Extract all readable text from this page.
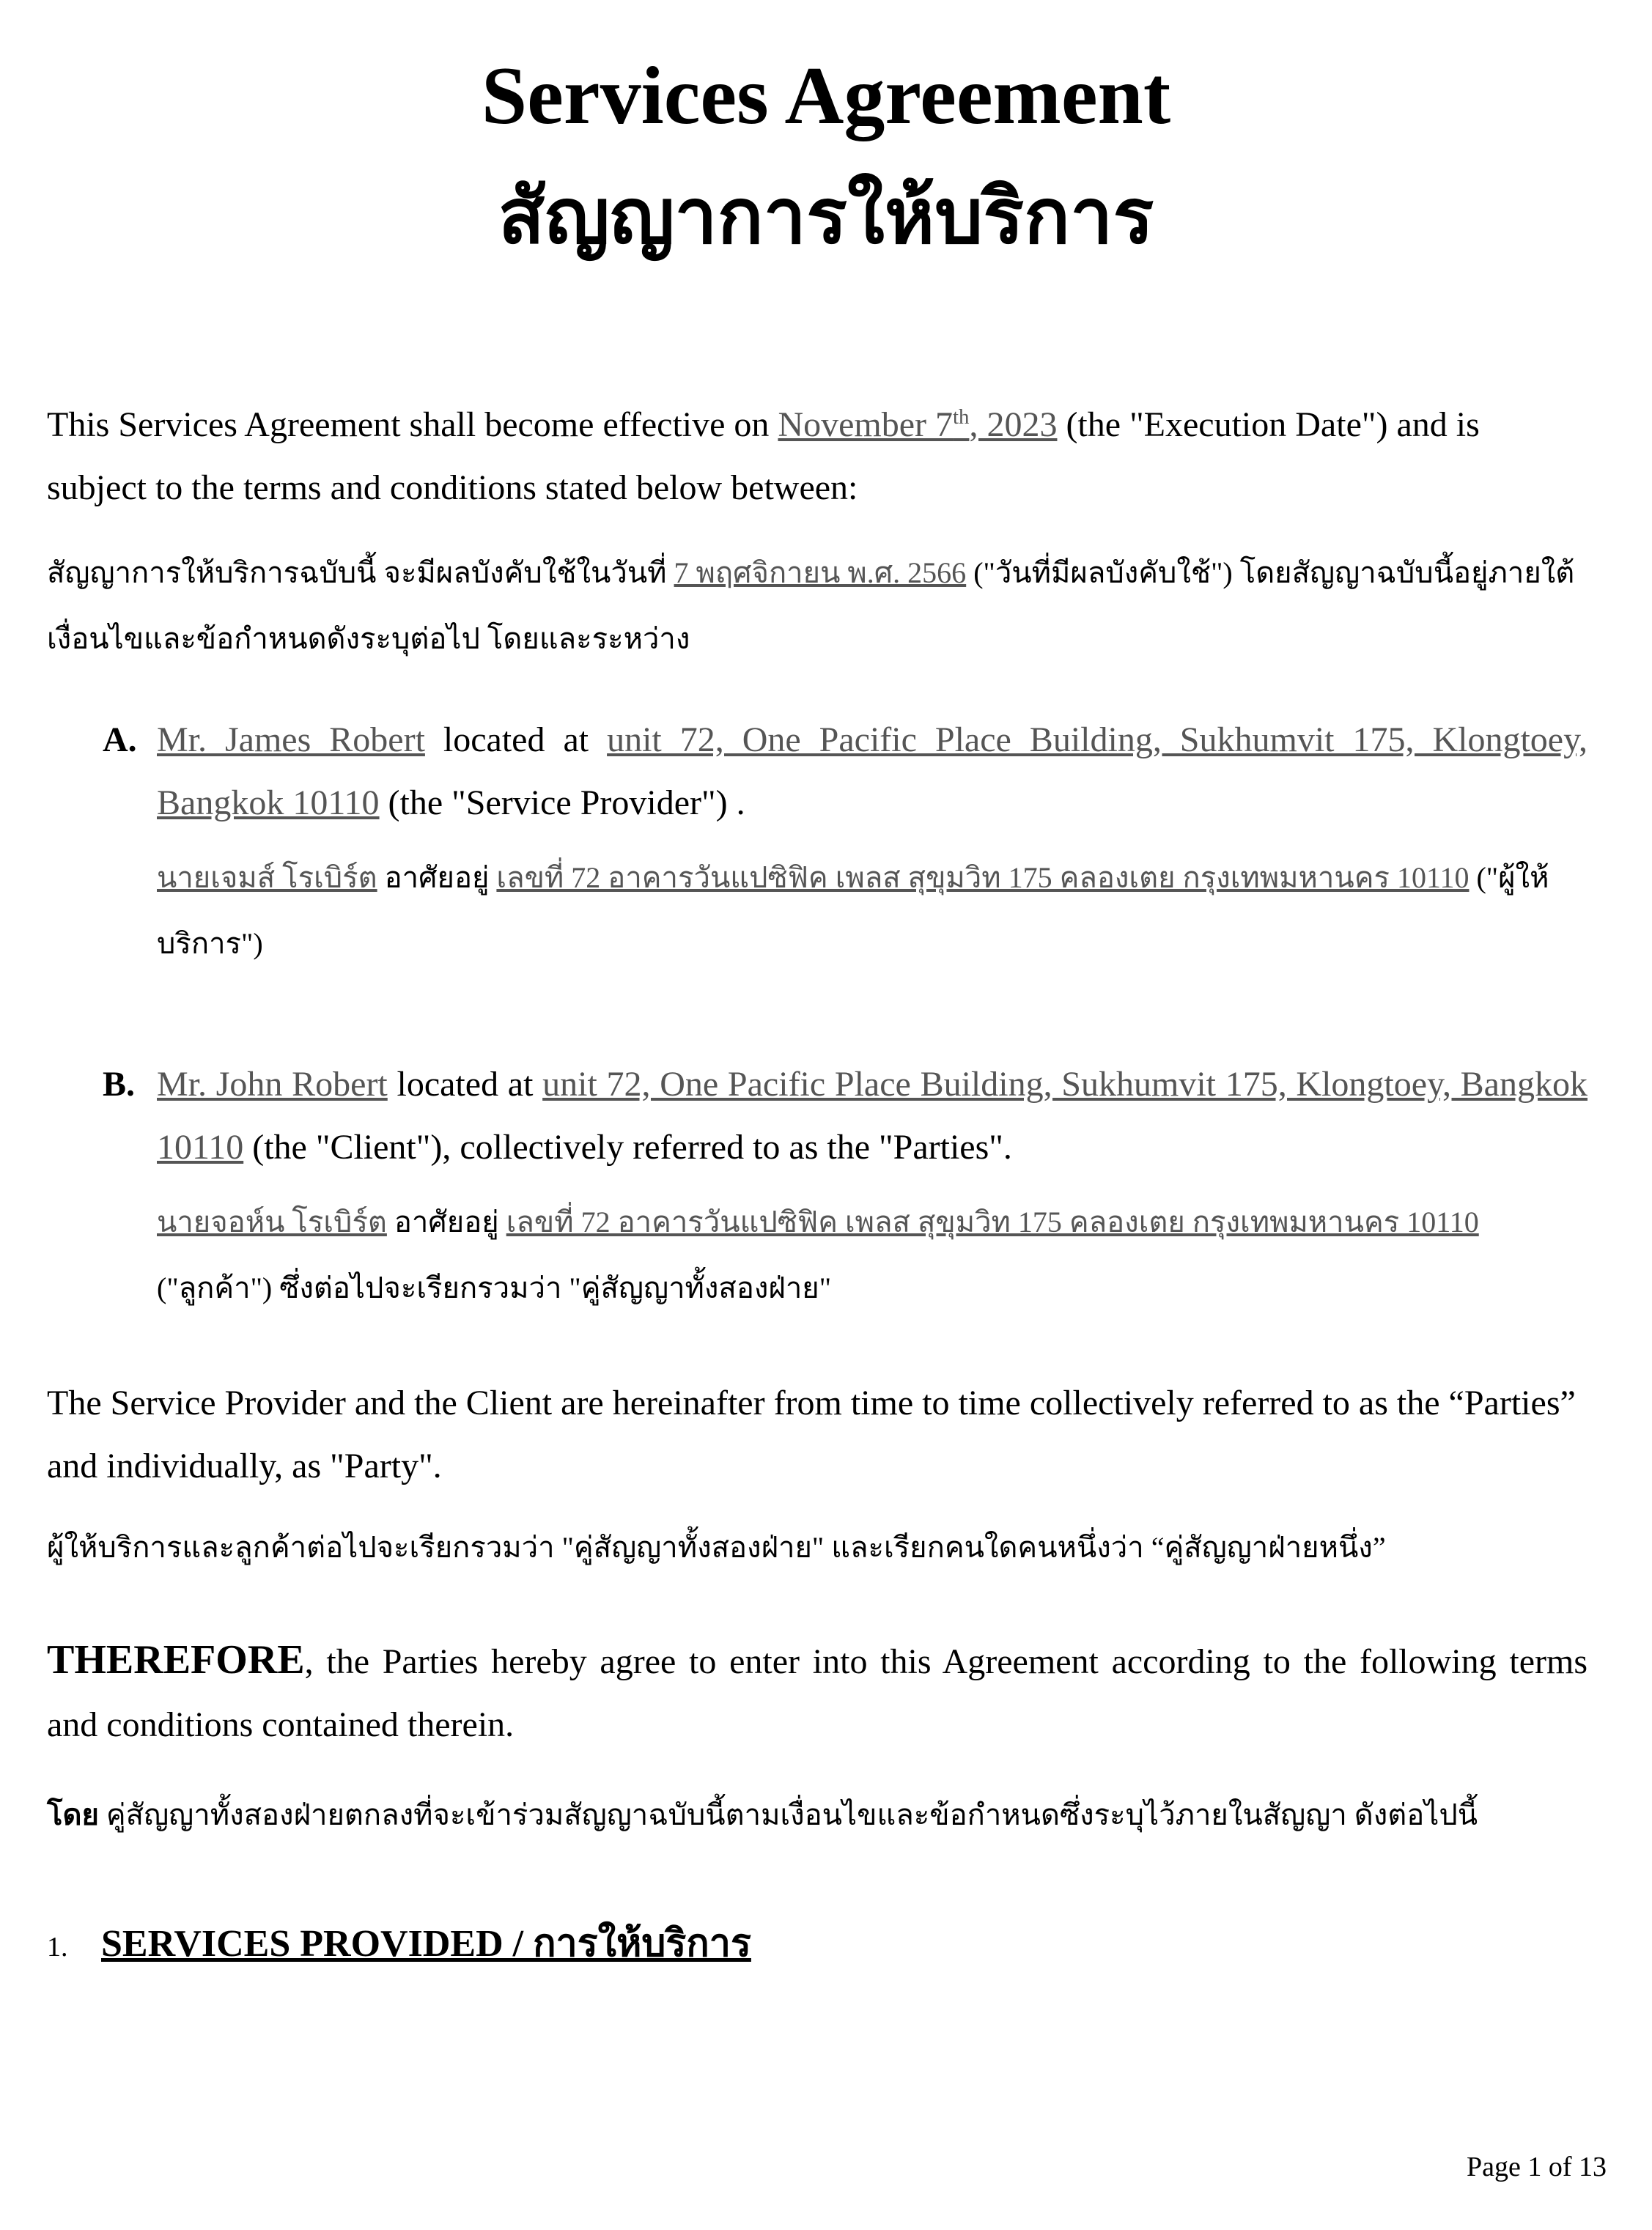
Services Agreement
สัญญาการให้บริการ

This Services Agreement shall become effective on November 7th, 2023 (the "Execution Date") and is subject to the terms and conditions stated below between:

สัญญาการให้บริการฉบับนี้ จะมีผลบังคับใช้ในวันที่ 7 พฤศจิกายน พ.ศ. 2566 ("วันที่มีผลบังคับใช้") โดยสัญญาฉบับนี้อยู่ภายใต้เงื่อนไขและข้อกำหนดดังระบุต่อไป โดยและระหว่าง

A. Mr. James Robert located at unit 72, One Pacific Place Building, Sukhumvit 175, Klongtoey, Bangkok 10110 (the "Service Provider") .

นายเจมส์ โรเบิร์ต อาศัยอยู่ เลขที่ 72 อาคารวันแปซิฟิค เพลส สุขุมวิท 175 คลองเตย กรุงเทพมหานคร 10110 ("ผู้ให้บริการ")

B. Mr. John Robert located at unit 72, One Pacific Place Building, Sukhumvit 175, Klongtoey, Bangkok 10110 (the "Client"), collectively referred to as the "Parties".

นายจอห์น โรเบิร์ต อาศัยอยู่ เลขที่ 72 อาคารวันแปซิฟิค เพลส สุขุมวิท 175 คลองเตย กรุงเทพมหานคร 10110 ("ลูกค้า") ซึ่งต่อไปจะเรียกรวมว่า "คู่สัญญาทั้งสองฝ่าย"

The Service Provider and the Client are hereinafter from time to time collectively referred to as the “Parties” and individually, as "Party".

ผู้ให้บริการและลูกค้าต่อไปจะเรียกรวมว่า "คู่สัญญาทั้งสองฝ่าย" และเรียกคนใดคนหนึ่งว่า “คู่สัญญาฝ่ายหนึ่ง”

THEREFORE, the Parties hereby agree to enter into this Agreement according to the following terms and conditions contained therein.

โดย คู่สัญญาทั้งสองฝ่ายตกลงที่จะเข้าร่วมสัญญาฉบับนี้ตามเงื่อนไขและข้อกำหนดซึ่งระบุไว้ภายในสัญญา ดังต่อไปนี้

1. SERVICES PROVIDED / การให้บริการ

Page 1 of 13
